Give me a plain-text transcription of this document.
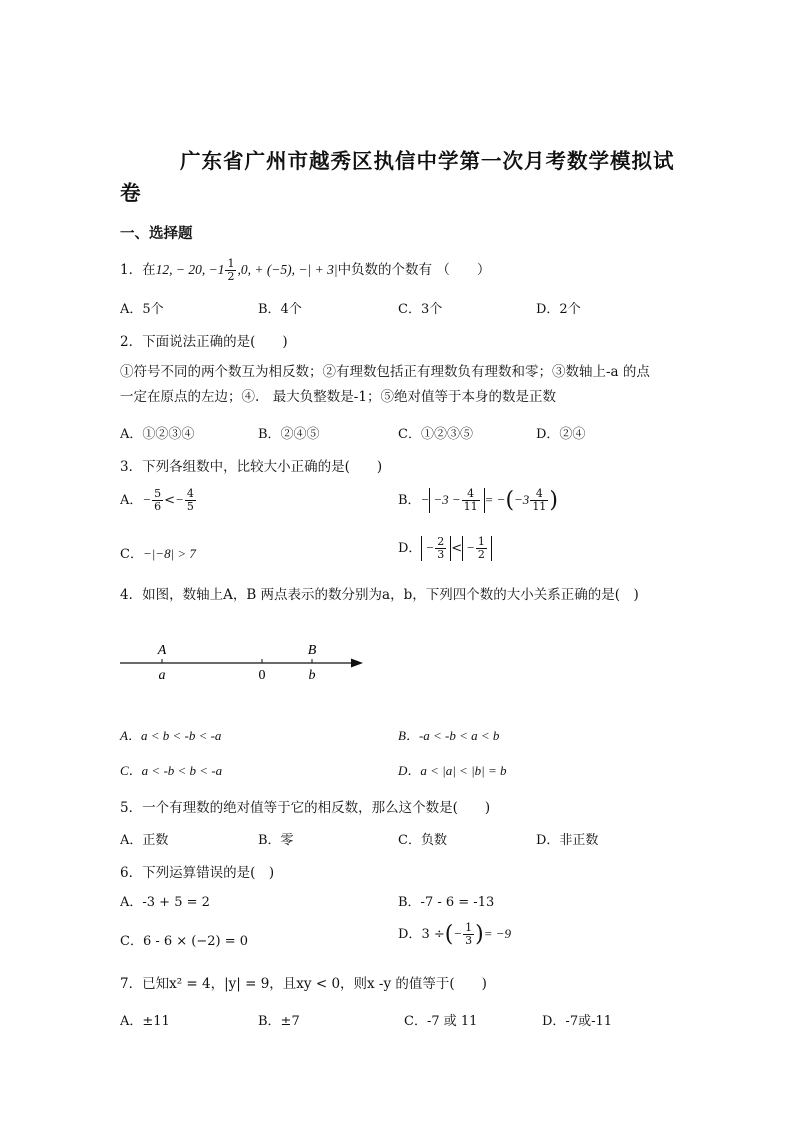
广东省广州市越秀区执信中学第一次月考数学模拟试
卷
一、选择题
1．在12, − 20, $-1 \frac{1}{2} ,0$, + (−5), −| + 3|中负数的个数有 （　　）
A．5个	B．4个	C．3个	D．2个
2．下面说法正确的是(　　)
①符号不同的两个数互为相反数；②有理数包括正有理数负有理数和零；③数轴上-a 的点
一定在原点的左边；④.　最大负整数是-1；⑤绝对值等于本身的数是正数
A．①②③④	B．②④⑤	C．①②③⑤	D．②④
3．下列各组数中，比较大小正确的是(　　)
A．− $\frac{5}{6} <- \frac{4}{5}$	B．− $-3 - \frac{4}{11} = -(-3 \frac{4}{11}$ )
C．−|−8| > 7	D． − $\frac{2}{3}$ < − $\frac{1}{2}$
4．如图，数轴上A，B 两点表示的数分别为a，b，下列四个数的大小关系正确的是(　)
A
a	0
B
b
A．a < b < -b < -a	B．-a < -b < a < b
C．a < -b < b < -a	D．a < |a| < |b| = b
5．一个有理数的绝对值等于它的相反数，那么这个数是(　　)
A．正数	B．零	C．负数	D．非正数
6．下列运算错误的是(　)
A．-3 + 5 = 2	B．-7 - 6 = -13
C．6 - 6 × (−2) = 0	D．3 ÷(− $\frac{1}{3}$ )= −9
7．已知x² = 4，|y| = 9，且xy < 0，则x -y 的值等于(　　)
A．±11	B．±7	C．-7 或 11	D．-7或-11
